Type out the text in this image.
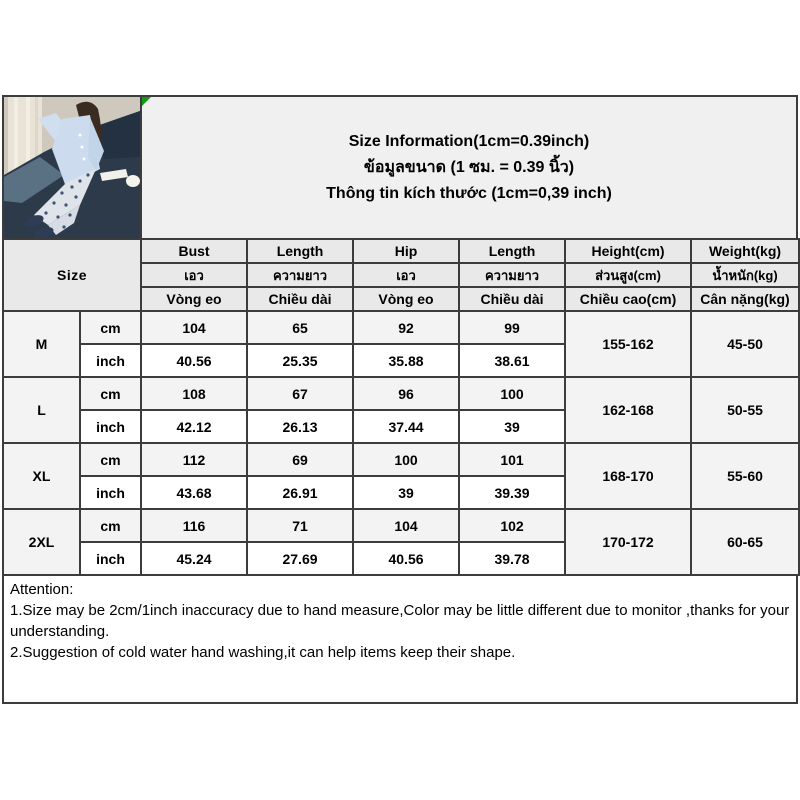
Size Information(1cm=0.39inch)
ข้อมูลขนาด (1 ซม. = 0.39 นิ้ว)
Thông tin kích thước (1cm=0,39 inch)
Size		Bust	Length	Hip	Length	Height(cm)	Weight(kg)
		เอว	ความยาว	เอว	ความยาว	ส่วนสูง(cm)	น้ำหนัก(kg)
		Vòng eo	Chiều dài	Vòng eo	Chiều dài	Chiều cao(cm)	Cân nặng(kg)
M	cm	104	65	92	99	155-162	45-50
	inch	40.56	25.35	35.88	38.61		
L	cm	108	67	96	100	162-168	50-55
	inch	42.12	26.13	37.44	39		
XL	cm	112	69	100	101	168-170	55-60
	inch	43.68	26.91	39	39.39		
2XL	cm	116	71	104	102	170-172	60-65
	inch	45.24	27.69	40.56	39.78		
Attention:
1.Size may be 2cm/1inch inaccuracy due to hand measure,Color may be little different due to monitor ,thanks for your understanding.
2.Suggestion of cold water hand washing,it can help items keep their shape.
